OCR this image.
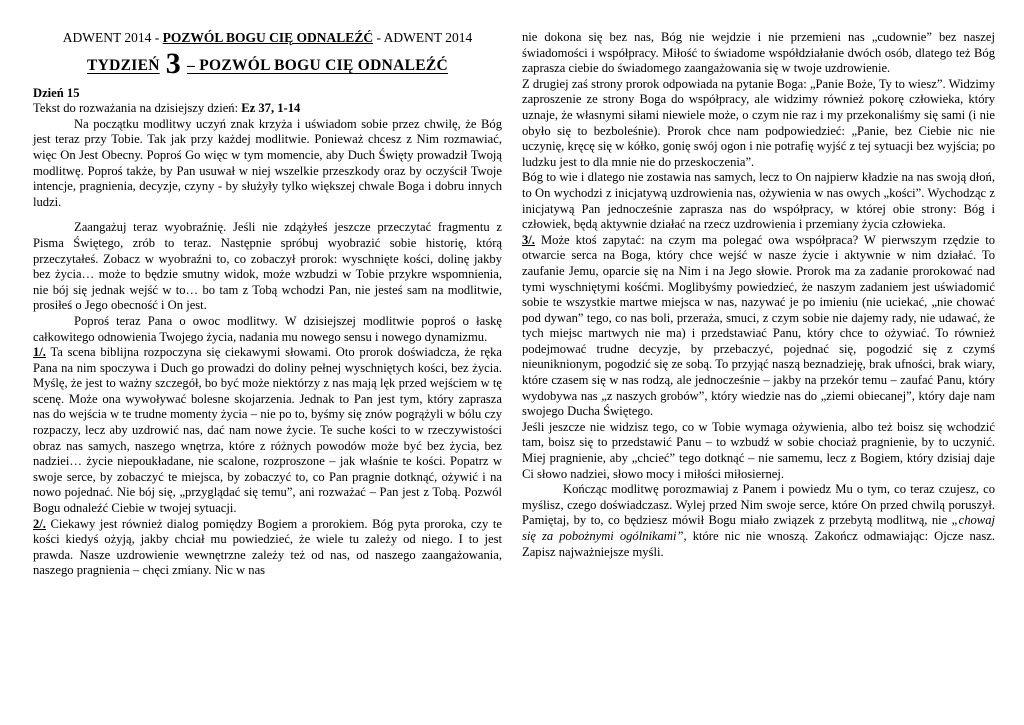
ADWENT 2014 - POZWÓL BOGU CIĘ ODNALEŹĆ - ADWENT 2014

TYDZIEŃ 3 – POZWÓL BOGU CIĘ ODNALEŹĆ

Dzień 15

Tekst do rozważania na dzisiejszy dzień: Ez 37, 1-14

Na początku modlitwy uczyń znak krzyża i uświadom sobie przez chwilę, że Bóg jest teraz przy Tobie. Tak jak przy każdej modlitwie. Ponieważ chcesz z Nim rozmawiać, więc On Jest Obecny. Poproś Go więc w tym momencie, aby Duch Święty prowadził Twoją modlitwę. Poproś także, by Pan usuwał w niej wszelkie przeszkody oraz by oczyścił Twoje intencje, pragnienia, decyzje, czyny - by służyły tylko większej chwale Boga i dobru innych ludzi.

Zaangażuj teraz wyobraźnię. Jeśli nie zdążyłeś jeszcze przeczytać fragmentu z Pisma Świętego, zrób to teraz. Następnie spróbuj wyobrazić sobie historię, którą przeczytałeś. Zobacz w wyobraźni to, co zobaczył prorok: wyschnięte kości, dolinę jakby bez życia… może to będzie smutny widok, może wzbudzi w Tobie przykre wspomnienia, nie bój się jednak wejść w to… bo tam z Tobą wchodzi Pan, nie jesteś sam na modlitwie, prosiłeś o Jego obecność i On jest.

Poproś teraz Pana o owoc modlitwy. W dzisiejszej modlitwie poproś o łaskę całkowitego odnowienia Twojego życia, nadania mu nowego sensu i nowego dynamizmu.

1/. Ta scena biblijna rozpoczyna się ciekawymi słowami. Oto prorok doświadcza, że ręka Pana na nim spoczywa i Duch go prowadzi do doliny pełnej wyschniętych kości, bez życia. Myślę, że jest to ważny szczegół, bo być może niektórzy z nas mają lęk przed wejściem w tę scenę. Może ona wywoływać bolesne skojarzenia. Jednak to Pan jest tym, który zaprasza nas do wejścia w te trudne momenty życia – nie po to, byśmy się znów pogrążyli w bólu czy rozpaczy, lecz aby uzdrowić nas, dać nam nowe życie. Te suche kości to w rzeczywistości obraz nas samych, naszego wnętrza, które z różnych powodów może być bez życia, bez nadziei… życie niepoukładane, nie scalone, rozproszone – jak właśnie te kości. Popatrz w swoje serce, by zobaczyć te miejsca, by zobaczyć to, co Pan pragnie dotknąć, ożywić i na nowo pojednać. Nie bój się, „przyglądać się temu”, ani rozważać – Pan jest z Tobą. Pozwól Bogu odnaleźć Ciebie w twojej sytuacji.

2/. Ciekawy jest również dialog pomiędzy Bogiem a prorokiem. Bóg pyta proroka, czy te kości kiedyś ożyją, jakby chciał mu powiedzieć, że wiele tu zależy od niego. I to jest prawda. Nasze uzdrowienie wewnętrzne zależy też od nas, od naszego zaangażowania, naszego pragnienia – chęci zmiany. Nic w nas

nie dokona się bez nas, Bóg nie wejdzie i nie przemieni nas „cudownie” bez naszej świadomości i współpracy. Miłość to świadome współdziałanie dwóch osób, dlatego też Bóg zaprasza ciebie do świadomego zaangażowania się w twoje uzdrowienie.

Z drugiej zaś strony prorok odpowiada na pytanie Boga: „Panie Boże, Ty to wiesz”. Widzimy zaproszenie ze strony Boga do współpracy, ale widzimy również pokorę człowieka, który uznaje, że własnymi siłami niewiele może, o czym nie raz i my przekonaliśmy się sami (i nie obyło się to bezboleśnie). Prorok chce nam podpowiedzieć: „Panie, bez Ciebie nic nie uczynię, kręcę się w kółko, gonię swój ogon i nie potrafię wyjść z tej sytuacji bez wyjścia; po ludzku jest to dla mnie nie do przeskoczenia”.

Bóg to wie i dlatego nie zostawia nas samych, lecz to On najpierw kładzie na nas swoją dłoń, to On wychodzi z inicjatywą uzdrowienia nas, ożywienia w nas owych „kości”. Wychodząc z inicjatywą Pan jednocześnie zaprasza nas do współpracy, w której obie strony: Bóg i człowiek, będą aktywnie działać na rzecz uzdrowienia i przemiany życia człowieka.

3/. Może ktoś zapytać: na czym ma polegać owa współpraca? W pierwszym rzędzie to otwarcie serca na Boga, który chce wejść w nasze życie i aktywnie w nim działać. To zaufanie Jemu, oparcie się na Nim i na Jego słowie. Prorok ma za zadanie prorokować nad tymi wyschniętymi kośćmi. Moglibyśmy powiedzieć, że naszym zadaniem jest uświadomić sobie te wszystkie martwe miejsca w nas, nazywać je po imieniu (nie uciekać, „nie chować pod dywan” tego, co nas boli, przeraża, smuci, z czym sobie nie dajemy rady, nie udawać, że tych miejsc martwych nie ma) i przedstawiać Panu, który chce to ożywiać. To również podejmować trudne decyzje, by przebaczyć, pojednać się, pogodzić się z czymś nieuniknionym, pogodzić się ze sobą. To przyjąć naszą beznadzieję, brak ufności, brak wiary, które czasem się w nas rodzą, ale jednocześnie – jakby na przekór temu – zaufać Panu, który wydobywa nas „z naszych grobów”, który wiedzie nas do „ziemi obiecanej”, który daje nam swojego Ducha Świętego.

Jeśli jeszcze nie widzisz tego, co w Tobie wymaga ożywienia, albo też boisz się wchodzić tam, boisz się to przedstawić Panu – to wzbudź w sobie chociaż pragnienie, by to uczynić. Miej pragnienie, aby „chcieć” tego dotknąć – nie samemu, lecz z Bogiem, który dzisiaj daje Ci słowo nadziei, słowo mocy i miłości miłosiernej.

Kończąc modlitwę porozmawiaj z Panem i powiedz Mu o tym, co teraz czujesz, co myślisz, czego doświadczasz. Wylej przed Nim swoje serce, które On przed chwilą poruszył. Pamiętaj, by to, co będziesz mówił Bogu miało związek z przebytą modlitwą, nie „chowaj się za pobożnymi ogólnikami”, które nic nie wnoszą. Zakończ odmawiając: Ojcze nasz. Zapisz najważniejsze myśli.
